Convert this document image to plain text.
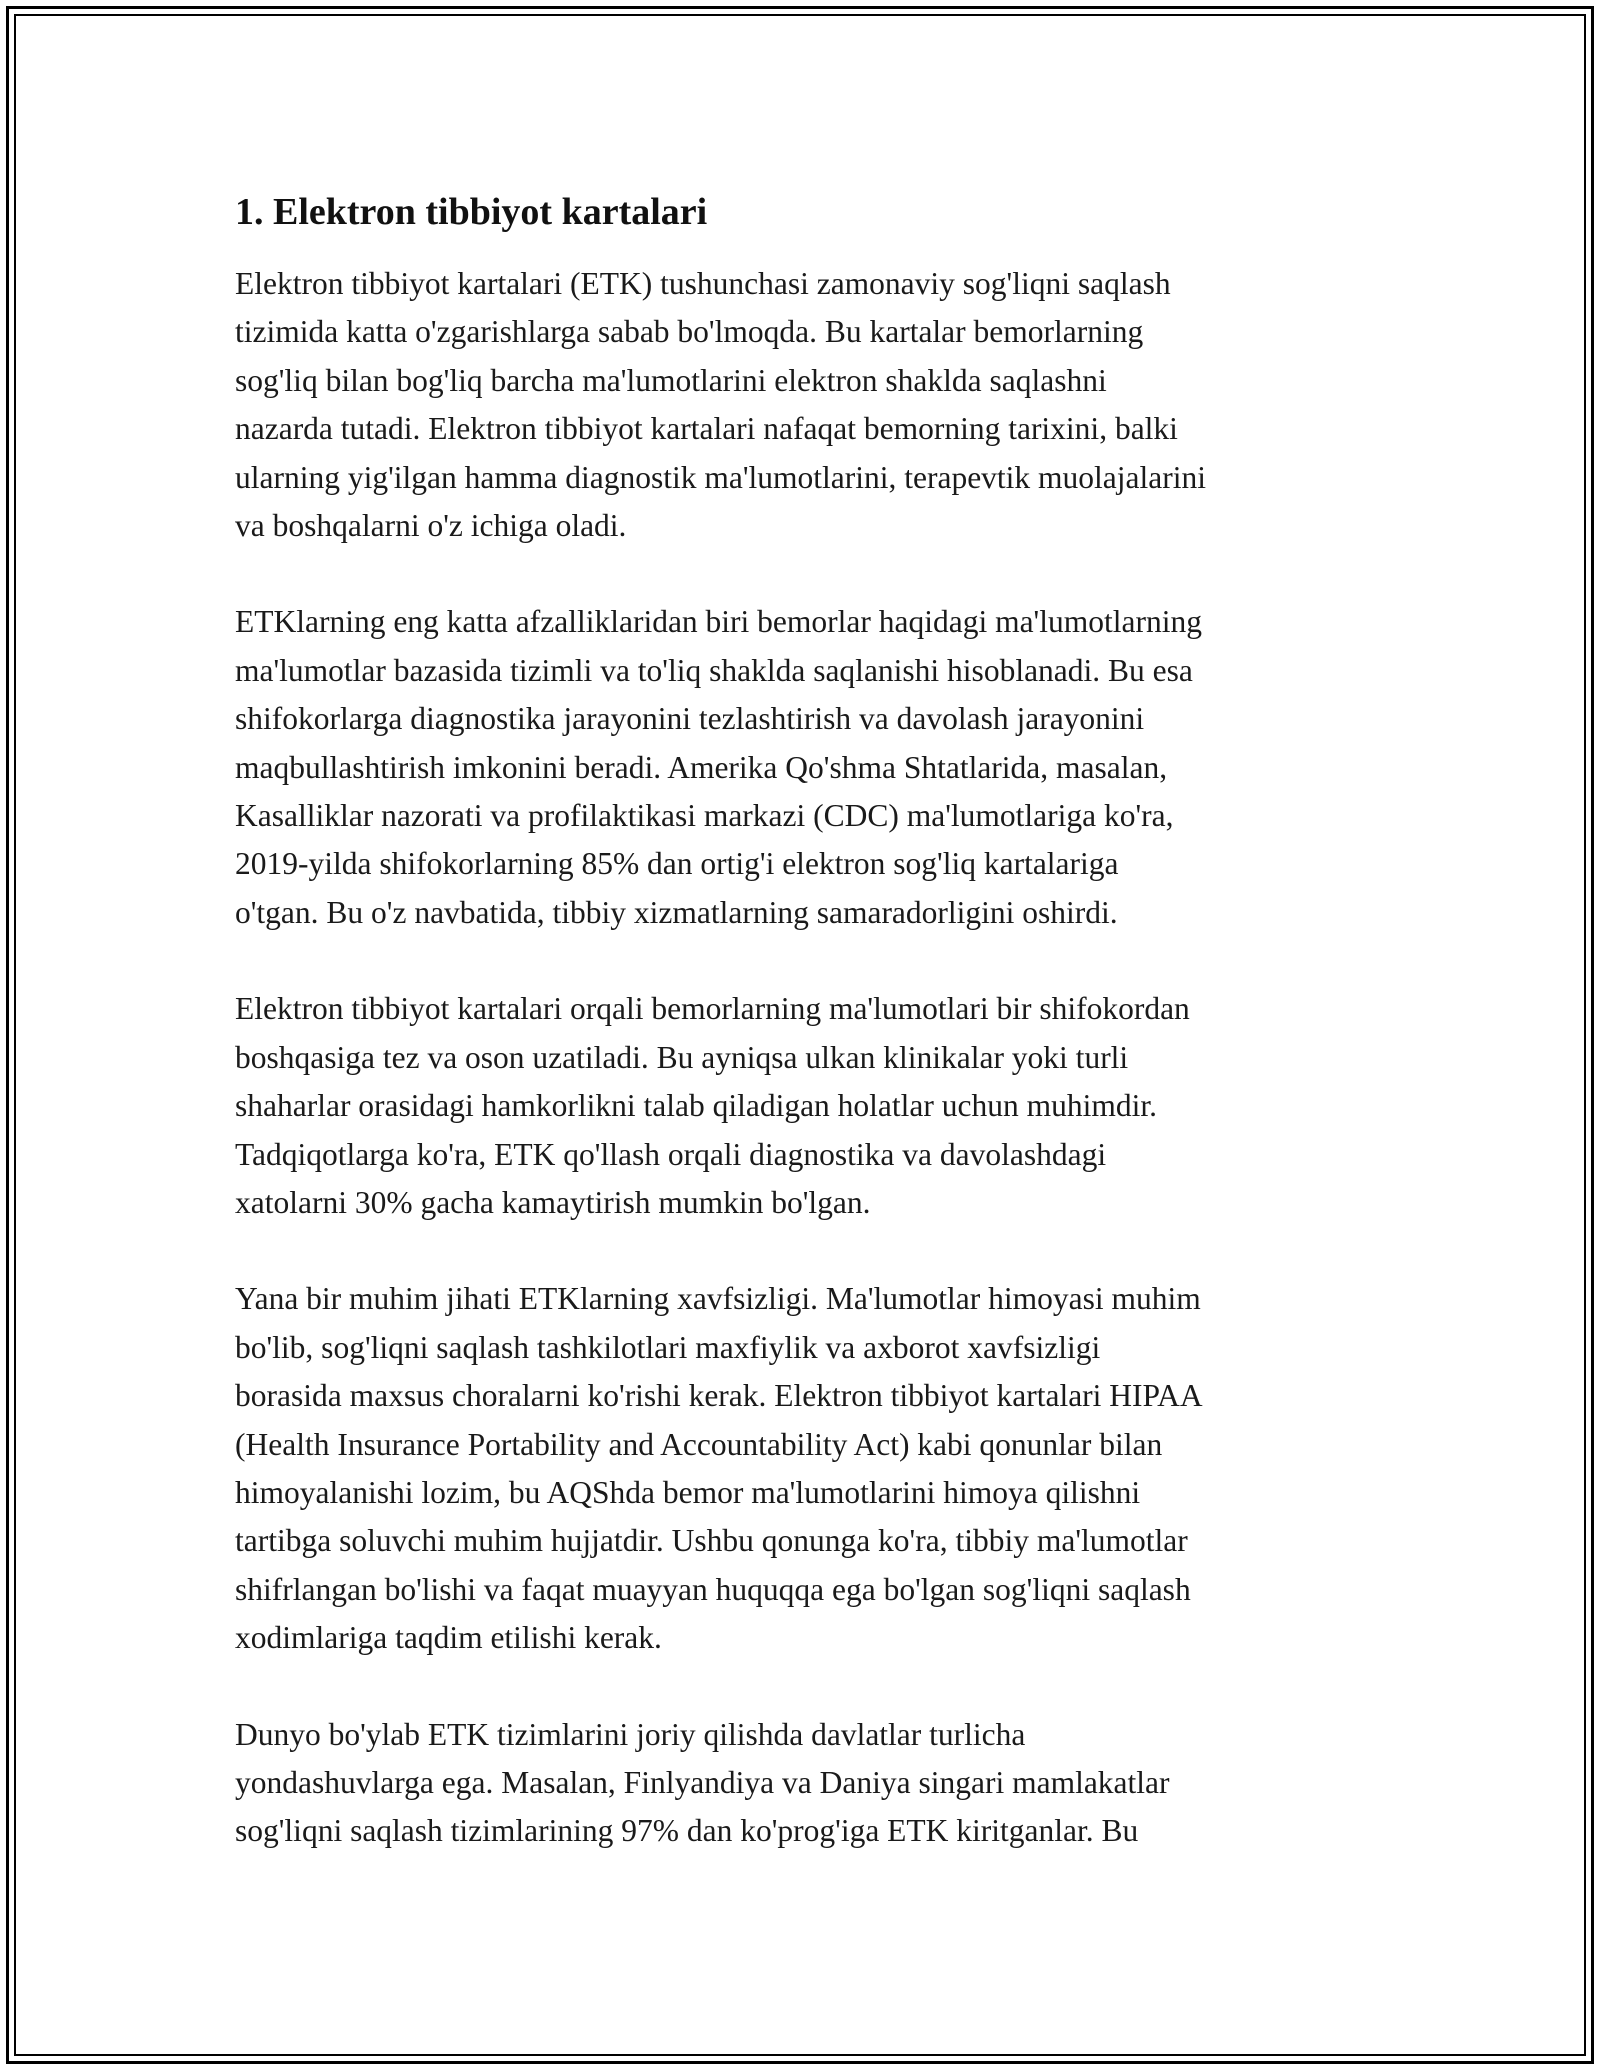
1. Elektron tibbiyot kartalari

Elektron tibbiyot kartalari (ETK) tushunchasi zamonaviy sog'liqni saqlash
tizimida katta o'zgarishlarga sabab bo'lmoqda. Bu kartalar bemorlarning
sog'liq bilan bog'liq barcha ma'lumotlarini elektron shaklda saqlashni
nazarda tutadi. Elektron tibbiyot kartalari nafaqat bemorning tarixini, balki
ularning yig'ilgan hamma diagnostik ma'lumotlarini, terapevtik muolajalarini
va boshqalarni o'z ichiga oladi.

ETKlarning eng katta afzalliklaridan biri bemorlar haqidagi ma'lumotlarning
ma'lumotlar bazasida tizimli va to'liq shaklda saqlanishi hisoblanadi. Bu esa
shifokorlarga diagnostika jarayonini tezlashtirish va davolash jarayonini
maqbullashtirish imkonini beradi. Amerika Qo'shma Shtatlarida, masalan,
Kasalliklar nazorati va profilaktikasi markazi (CDC) ma'lumotlariga ko'ra,
2019-yilda shifokorlarning 85% dan ortig'i elektron sog'liq kartalariga
o'tgan. Bu o'z navbatida, tibbiy xizmatlarning samaradorligini oshirdi.

Elektron tibbiyot kartalari orqali bemorlarning ma'lumotlari bir shifokordan
boshqasiga tez va oson uzatiladi. Bu ayniqsa ulkan klinikalar yoki turli
shaharlar orasidagi hamkorlikni talab qiladigan holatlar uchun muhimdir.
Tadqiqotlarga ko'ra, ETK qo'llash orqali diagnostika va davolashdagi
xatolarni 30% gacha kamaytirish mumkin bo'lgan.

Yana bir muhim jihati ETKlarning xavfsizligi. Ma'lumotlar himoyasi muhim
bo'lib, sog'liqni saqlash tashkilotlari maxfiylik va axborot xavfsizligi
borasida maxsus choralarni ko'rishi kerak. Elektron tibbiyot kartalari HIPAA
(Health Insurance Portability and Accountability Act) kabi qonunlar bilan
himoyalanishi lozim, bu AQShda bemor ma'lumotlarini himoya qilishni
tartibga soluvchi muhim hujjatdir. Ushbu qonunga ko'ra, tibbiy ma'lumotlar
shifrlangan bo'lishi va faqat muayyan huquqqa ega bo'lgan sog'liqni saqlash
xodimlariga taqdim etilishi kerak.

Dunyo bo'ylab ETK tizimlarini joriy qilishda davlatlar turlicha
yondashuvlarga ega. Masalan, Finlyandiya va Daniya singari mamlakatlar
sog'liqni saqlash tizimlarining 97% dan ko'prog'iga ETK kiritganlar. Bu
